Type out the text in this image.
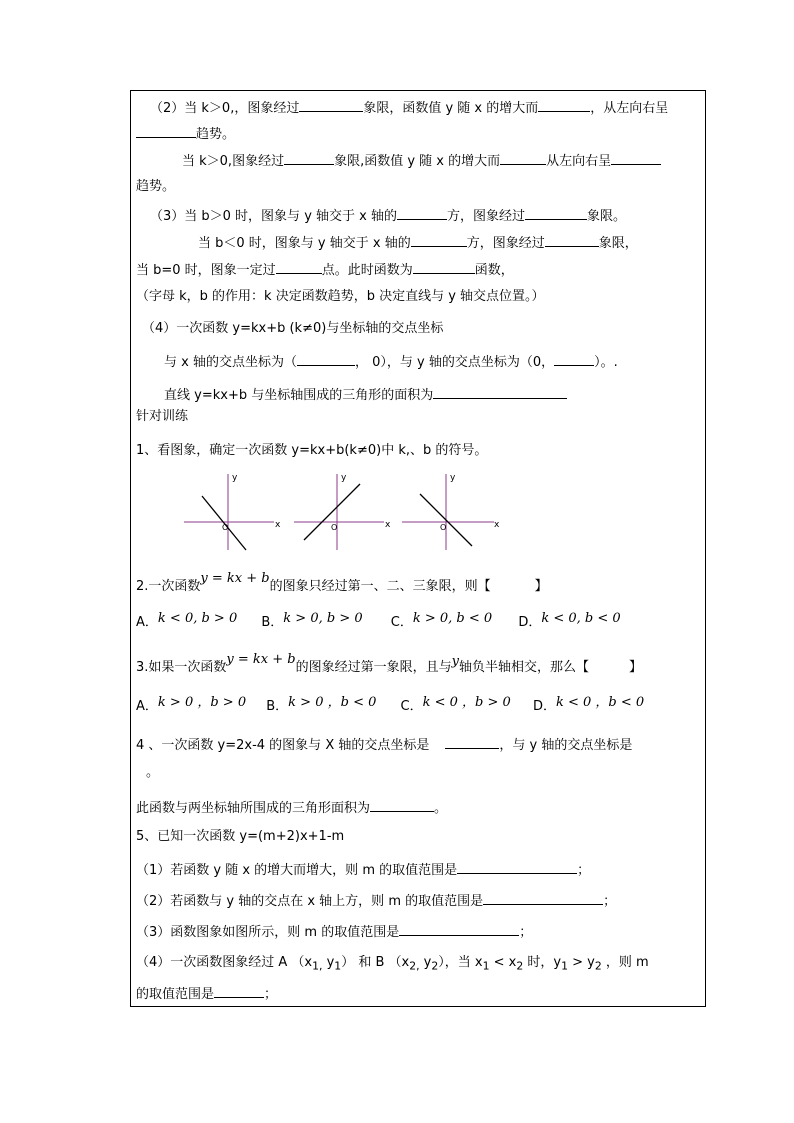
（2）当 k＞0,，图象经过	象限，函数值 y 随 x 的增大而	，从左向右呈
趋势。
当 k＞0,图象经过	象限,函数值 y 随 x 的增大而	从左向右呈
趋势。
（3）当 b＞0 时，图象与 y 轴交于 x 轴的	方，图象经过	象限。
当 b＜0 时，图象与 y 轴交于 x 轴的	方，图象经过	象限，
当 b=0 时，图象一定过	点。此时函数为	函数，
（字母 k，b 的作用：k 决定函数趋势，b 决定直线与 y 轴交点位置。）
（4）一次函数 y=kx+b (k≠0)与坐标轴的交点坐标
与 x 轴的交点坐标为（	， 0），与 y 轴的交点坐标为（0，	）。.
直线 y=kx+b 与坐标轴围成的三角形的面积为
针对训练
1、看图象，确定一次函数 y=kx+b(k≠0)中 k,、b 的符号。
y
x
O
y
x
O
y
x
O
2.一次函数y = kx + b的图象只经过第一、二、三象限，则【	】
A．k < 0, b > 0 B．k > 0, b > 0 C．k > 0, b < 0 D．k < 0, b < 0
3.如果一次函数y = kx + b的图象经过第一象限，且与y轴负半轴相交，那么【	】
A．k > 0 ，b > 0 B．k > 0 ，b < 0 C．k < 0 ，b > 0 D．k < 0 ，b < 0
4 、一次函数 y=2x-4 的图象与 X 轴的交点坐标是	，与 y 轴的交点坐标是
。
此函数与两坐标轴所围成的三角形面积为	。
5、已知一次函数 y=(m+2)x+1-m
（1）若函数 y 随 x 的增大而增大，则 m 的取值范围是	；
（2）若函数与 y 轴的交点在 x 轴上方，则 m 的取值范围是	；
（3）函数图象如图所示，则 m 的取值范围是	；
（4）一次函数图象经过 A （$x_{1,}$ $y_1$） 和 B （$x_{2,}$ $y_2$），当 $x_1 < x_2$ 时，$y_1 > y_2$ ，则 m
的取值范围是	；
